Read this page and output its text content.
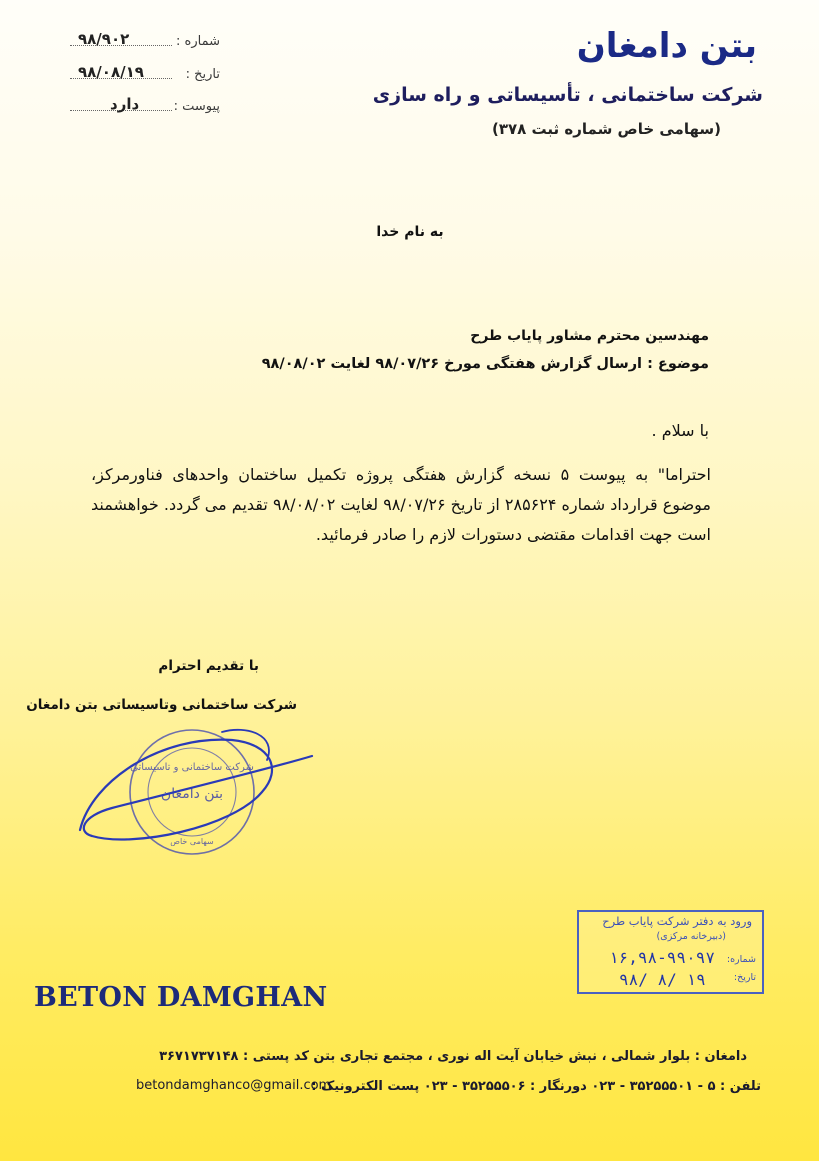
بتن دامغان
شرکت ساختمانی ، تأسیساتی و راه سازی
(سهامی خاص شماره ثبت ۳۷۸)
شماره :
۹۸/۹۰۲
تاریخ :
۹۸/۰۸/۱۹
پیوست :
دارد
به نام خدا
مهندسین محترم مشاور پایاب طرح
موضوع : ارسال گزارش هفتگی مورخ ۹۸/۰۷/۲۶ لغایت ۹۸/۰۸/۰۲
با سلام .
احتراما" به پیوست ۵ نسخه گزارش هفتگی پروژه تکمیل ساختمان واحدهای فناورمرکز، موضوع قرارداد شماره ۲۸۵۶۲۴ از تاریخ ۹۸/۰۷/۲۶ لغایت ۹۸/۰۸/۰۲ تقدیم می گردد. خواهشمند است جهت اقدامات مقتضی دستورات لازم را صادر فرمائید.
با تقدیم احترام
شرکت ساختمانی وتاسیساتی بتن دامغان
شرکت ساختمانی و تاسیساتی
بتن دامغان
سهامی خاص
ورود به دفتر شرکت پایاب طرح
(دبیرخانه مرکزی)
شماره:
۱۶,۹۸-۹۹۰۹۷
تاریخ:
۹۸/ ۸/ ۱۹
BETON DAMGHAN
دامغان : بلوار شمالی ، نبش خیابان آیت اله نوری ، مجتمع تجاری بتن کد پستی : ۳۶۷۱۷۳۷۱۴۸
تلفن : ۵ - ۳۵۲۵۵۵۰۱ - ۰۲۳ دورنگار : ۳۵۲۵۵۵۰۶ - ۰۲۳ پست الکترونیک :
betondamghanco@gmail.com
